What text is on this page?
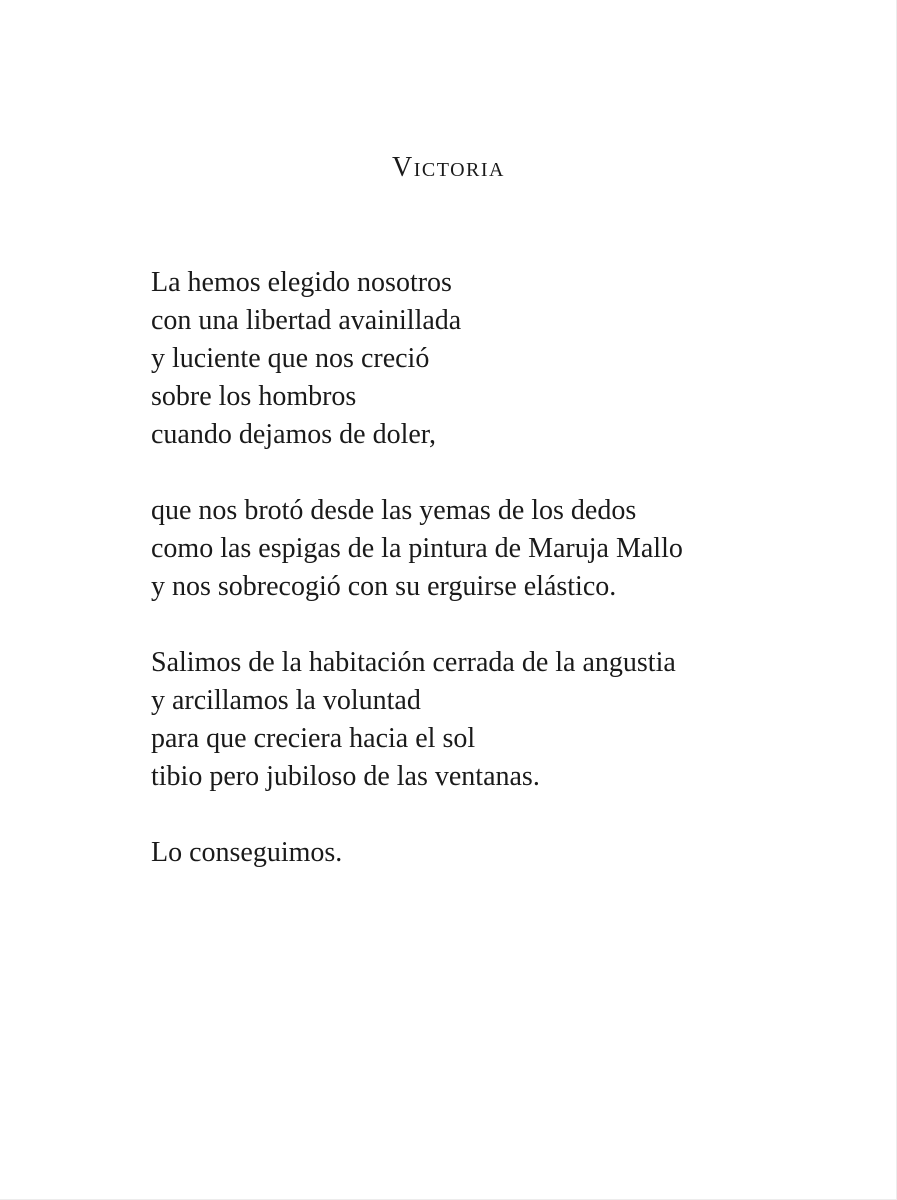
Victoria
La hemos elegido nosotros
con una libertad avainillada
y luciente que nos creció
sobre los hombros
cuando dejamos de doler,
que nos brotó desde las yemas de los dedos
como las espigas de la pintura de Maruja Mallo
y nos sobrecogió con su erguirse elástico.
Salimos de la habitación cerrada de la angustia
y arcillamos la voluntad
para que creciera hacia el sol
tibio pero jubiloso de las ventanas.
Lo conseguimos.
